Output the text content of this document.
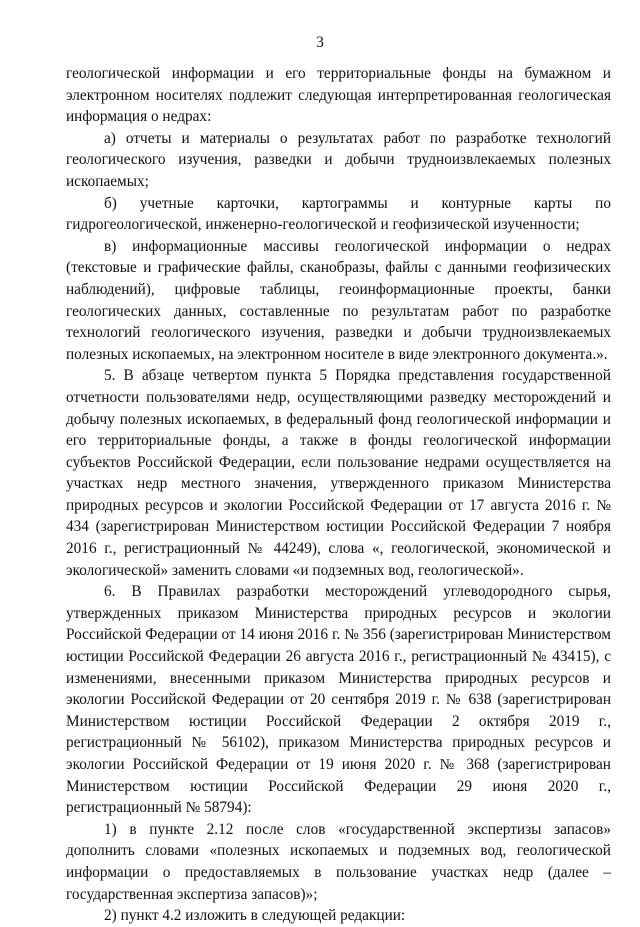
3

геологической информации и его территориальные фонды на бумажном и электронном носителях подлежит следующая интерпретированная геологическая информация о недрах:

а) отчеты и материалы о результатах работ по разработке технологий геологического изучения, разведки и добычи трудноизвлекаемых полезных ископаемых;

б) учетные карточки, картограммы и контурные карты по гидрогеологической, инженерно-геологической и геофизической изученности;

в) информационные массивы геологической информации о недрах (текстовые и графические файлы, сканобразы, файлы с данными геофизических наблюдений), цифровые таблицы, геоинформационные проекты, банки геологических данных, составленные по результатам работ по разработке технологий геологического изучения, разведки и добычи трудноизвлекаемых полезных ископаемых, на электронном носителе в виде электронного документа.».

5. В абзаце четвертом пункта 5 Порядка представления государственной отчетности пользователями недр, осуществляющими разведку месторождений и добычу полезных ископаемых, в федеральный фонд геологической информации и его территориальные фонды, а также в фонды геологической информации субъектов Российской Федерации, если пользование недрами осуществляется на участках недр местного значения, утвержденного приказом Министерства природных ресурсов и экологии Российской Федерации от 17 августа 2016 г. № 434 (зарегистрирован Министерством юстиции Российской Федерации 7 ноября 2016 г., регистрационный № 44249), слова «, геологической, экономической и экологической» заменить словами «и подземных вод, геологической».

6. В Правилах разработки месторождений углеводородного сырья, утвержденных приказом Министерства природных ресурсов и экологии Российской Федерации от 14 июня 2016 г. № 356 (зарегистрирован Министерством юстиции Российской Федерации 26 августа 2016 г., регистрационный № 43415), с изменениями, внесенными приказом Министерства природных ресурсов и экологии Российской Федерации от 20 сентября 2019 г. № 638 (зарегистрирован Министерством юстиции Российской Федерации 2 октября 2019 г., регистрационный № 56102), приказом Министерства природных ресурсов и экологии Российской Федерации от 19 июня 2020 г. № 368 (зарегистрирован Министерством юстиции Российской Федерации 29 июня 2020 г., регистрационный № 58794):

1) в пункте 2.12 после слов «государственной экспертизы запасов» дополнить словами «полезных ископаемых и подземных вод, геологической информации о предоставляемых в пользование участках недр (далее – государственная экспертиза запасов)»;

2) пункт 4.2 изложить в следующей редакции:
